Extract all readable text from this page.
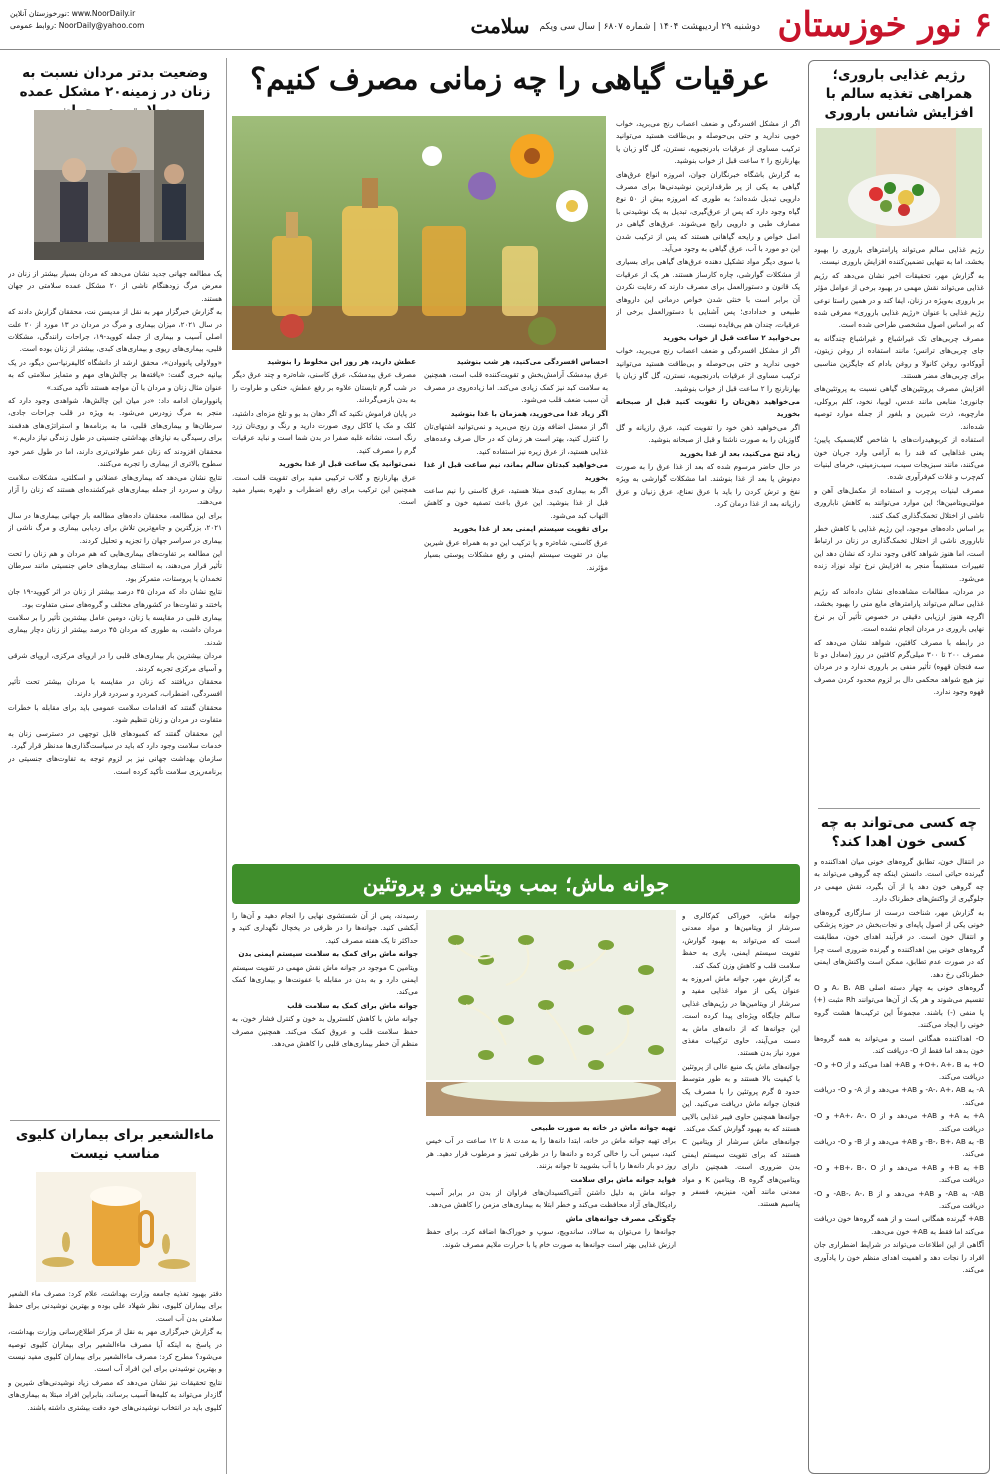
۶ نور خوزستان
دوشنبه ۲۹ اردیبهشت ۱۴۰۴ | شماره ۶۸۰۷ | سال سی ویکم
سلامت
نورخوزستان آنلاین: www.NoorDaily.ir
روابط عمومی: NoorDaily@yahoo.com
رژیم غذایی باروری؛ همراهی تغذیه سالم با افزایش شانس باروری

رژیم غذایی سالم می‌تواند پارامترهای باروری را بهبود بخشد، اما به تنهایی تضمین‌کننده افزایش باروری نیست.

به گزارش مهر، تحقیقات اخیر نشان می‌دهد که رژیم غذایی می‌تواند نقش مهمی در بهبود برخی از عوامل مؤثر بر باروری به‌ویژه در زنان، ایفا کند و در همین راستا نوعی رژیم غذایی با عنوان «رژیم غذایی باروری» معرفی شده که بر اساس اصول مشخصی طراحی شده است.

مصرف چربی‌های تک غیراشباع و غیراشباع چندگانه به جای چربی‌های ترانس؛ مانند استفاده از روغن زیتون، آووکادو، روغن کانولا و روغن بادام که جایگزین مناسبی برای چربی‌های مضر هستند.

افزایش مصرف پروتئین‌های گیاهی نسبت به پروتئین‌های جانوری؛ منابعی مانند عدس، لوبیا، نخود، کلم بروکلی، مارچوبه، ذرت شیرین و بلغور از جمله موارد توصیه شده‌اند.

استفاده از کربوهیدرات‌های با شاخص گلایسمیک پایین؛ یعنی غذاهایی که قند را به آرامی وارد جریان خون می‌کنند، مانند سبزیجات سیب، سیب‌زمینی، خرمای لبنیات کم‌چرب و غلات کم‌فرآوری شده.

مصرف لبنیات پرچرب و استفاده از مکمل‌های آهن و مولتی‌ویتامین‌ها؛ این موارد می‌توانند به کاهش ناباروری ناشی از اختلال تخمک‌گذاری کمک کنند.

بر اساس داده‌های موجود، این رژیم غذایی با کاهش خطر ناباروری ناشی از اختلال تخمک‌گذاری در زنان در ارتباط است، اما هنوز شواهد کافی وجود ندارد که نشان دهد این تغییرات مستقیماً منجر به افزایش نرخ تولد نوزاد زنده می‌شود.

در مردان، مطالعات مشاهده‌ای نشان داده‌اند که رژیم غذایی سالم می‌تواند پارامترهای مایع منی را بهبود بخشد، اگرچه هنوز ارزیابی دقیقی در خصوص تأثیر آن بر نرخ نهایی باروری در مردان انجام نشده است.

در رابطه با مصرف کافئین، شواهد نشان می‌دهد که مصرف ۲۰۰ تا ۳۰۰ میلی‌گرم کافئین در روز (معادل دو تا سه فنجان قهوه) تأثیر منفی بر باروری ندارد و در مردان نیز هیچ شواهد محکمی دال بر لزوم محدود کردن مصرف قهوه وجود ندارد.

چه کسی می‌تواند به چه کسی خون اهدا کند؟

در انتقال خون، تطابق گروه‌های خونی میان اهداکننده و گیرنده حیاتی است. دانستن اینکه چه گروهی می‌تواند به چه گروهی خون دهد یا از آن بگیرد، نقش مهمی در جلوگیری از واکنش‌های خطرناک دارد.

به گزارش مهر، شناخت درست از سازگاری گروه‌های خونی یکی از اصول پایه‌ای و نجات‌بخش در حوزه پزشکی و انتقال خون است. در فرآیند اهدای خون، مطابقت گروه‌های خونی بین اهداکننده و گیرنده ضروری است چرا که در صورت عدم تطابق، ممکن است واکنش‌های ایمنی خطرناکی رخ دهد.

گروه‌های خونی به چهار دسته اصلی A، B، AB و O تقسیم می‌شوند و هر یک از آن‌ها می‌توانند Rh مثبت (+) یا منفی (-) باشند. مجموعاً این ترکیب‌ها هشت گروه خونی را ایجاد می‌کنند.

O- اهداکننده همگانی است و می‌تواند به همه گروه‌ها خون بدهد اما فقط از O- دریافت کند.

O+ به O+، A+، B+ و AB+ اهدا می‌کند و از O+ و O- دریافت می‌کند.

A- به A-، A+، AB- و AB+ می‌دهد و از A- و O- دریافت می‌کند.

A+ به A+ و AB+ می‌دهد و از A+، A-، O+ و O- دریافت می‌کند.

B- به B-، B+، AB- و AB+ می‌دهد و از B- و O- دریافت می‌کند.

B+ به B+ و AB+ می‌دهد و از B+، B-، O+ و O- دریافت می‌کند.

AB- به AB- و AB+ می‌دهد و از AB-، A-، B- و O- دریافت می‌کند.

AB+ گیرنده همگانی است و از همه گروه‌ها خون دریافت می‌کند اما فقط به AB+ خون می‌دهد.

آگاهی از این اطلاعات می‌تواند در شرایط اضطراری جان افراد را نجات دهد و اهمیت اهدای منظم خون را یادآوری می‌کند.

عرقیات گیاهی را چه زمانی مصرف کنیم؟

اگر از مشکل افسردگی و ضعف اعصاب رنج می‌برید، خواب خوبی ندارید و حتی بی‌حوصله و بی‌طاقت هستید می‌توانید ترکیب مساوی از عرقیات بادرنجبویه، نسترن، گل گاو زبان یا بهارنارنج را ۲ ساعت قبل از خواب بنوشید.

به گزارش باشگاه خبرنگاران جوان، امروزه انواع عرق‌های گیاهی به یکی از پر طرفدارترین نوشیدنی‌ها برای مصرف دارویی تبدیل شده‌اند؛ به طوری که امروزه بیش از ۵۰ نوع گیاه وجود دارد که پس از عرق‌گیری، تبدیل به یک نوشیدنی با مصارف طبی و دارویی رایج می‌شوند. عرق‌های گیاهی در اصل خواص و رایحه گیاهانی هستند که پس از ترکیب شدن این دو مورد با آب، عرق گیاهی به وجود می‌آید.

با سوی دیگر مواد تشکیل دهنده عرق‌های گیاهی برای بسیاری از مشکلات گوارشی، چاره کارساز هستند. هر یک از عرقیات یک قانون و دستورالعمل برای مصرف دارند که رعایت نکردن آن برابر است با خنثی شدن خواص درمانی این داروهای طبیعی و خدادادی؛ پس آشنایی با دستورالعمل برخی از عرقیات، چندان هم بی‌فایده نیست.

بی‌خوابید ۲ ساعت قبل از خواب بخورید

اگر از مشکل افسردگی و ضعف اعصاب رنج می‌برید، خواب خوبی ندارید و حتی بی‌حوصله و بی‌طاقت هستید می‌توانید ترکیب مساوی از عرقیات بادرنجبویه، نسترن، گل گاو زبان یا بهارنارنج را ۲ ساعت قبل از خواب بنوشید.

می‌خواهید ذهن‌تان را تقویت کنید قبل از صبحانه بخورید

اگر می‌خواهید ذهن خود را تقویت کنید، عرق رازیانه و گل گاوزبان را به صورت ناشتا و قبل از صبحانه بنوشید.

زیاد تنخ می‌کنید، بعد از غذا بخورید

در حال حاضر مرسوم شده که بعد از غذا عرق را به صورت دم‌نوش یا بعد از غذا بنوشند. اما مشکلات گوارشی به ویژه نفخ و ترش کردن را باید با عرق نعناع، عرق زنیان و عرق رازیانه بعد از غذا درمان کرد.

احساس افسردگی می‌کنید، هر شب بنوشید

عرق بیدمشک آرامش‌بخش و تقویت‌کننده قلب است، همچنین به سلامت کبد نیز کمک زیادی می‌کند. اما زیاده‌روی در مصرف آن سبب ضعف قلب می‌شود.

اگر زیاد غذا می‌خورید، همزمان با غذا بنوشید

اگر از معضل اضافه وزن رنج می‌برید و نمی‌توانید اشتهای‌تان را کنترل کنید، بهتر است هر زمان که در حال صرف وعده‌های غذایی هستید، از عرق زیره نیز استفاده کنید.

می‌خواهید کبدتان سالم بماند، نیم ساعت قبل از غذا بخورید

اگر به بیماری کبدی مبتلا هستید، عرق کاسنی را نیم ساعت قبل از غذا بنوشید. این عرق باعث تصفیه خون و کاهش التهاب کبد می‌شود.

برای تقویت سیستم ایمنی بعد از غذا بخورید

عرق کاسنی، شاه‌تره و یا ترکیب این دو به همراه عرق شیرین بیان در تقویت سیستم ایمنی و رفع مشکلات پوستی بسیار مؤثرند.

عطش دارید، هر روز این مخلوط را بنوشید

مصرف عرق بیدمشک، عرق کاسنی، شاه‌تره و چند عرق دیگر در شب گرم تابستان علاوه بر رفع عطش، خنکی و طراوت را به بدن بازمی‌گرداند.

در پایان فراموش نکنید که اگر دهان بد بو و تلخ مزه‌ای داشتید، کلک و مک یا کاکل روی صورت دارید و رنگ و روی‌تان زرد رنگ است، نشانه غلبه صفرا در بدن شما است و نباید عرقیات گرم را مصرف کنید.

نمی‌توانید یک ساعت قبل از غذا بخورید

عرق بهارنارنج و گلاب ترکیبی مفید برای تقویت قلب است. همچنین این ترکیب برای رفع اضطراب و دلهره بسیار مفید است.

جوانه ماش؛ بمب ویتامین و پروتئین

جوانه ماش، خوراکی کم‌کالری و سرشار از ویتامین‌ها و مواد معدنی است که می‌تواند به بهبود گوارش، تقویت سیستم ایمنی، یاری به حفظ سلامت قلب و کاهش وزن کمک کند.

به گزارش مهر، جوانه ماش امروزه به عنوان یکی از مواد غذایی مفید و سرشار از ویتامین‌ها در رژیم‌های غذایی سالم جایگاه ویژه‌ای پیدا کرده است. این جوانه‌ها که از دانه‌های ماش به دست می‌آیند، حاوی ترکیبات مغذی مورد نیاز بدن هستند.

جوانه‌های ماش یک منبع عالی از پروتئین با کیفیت بالا هستند و به طور متوسط حدود ۵ گرم پروتئین را با مصرف یک فنجان جوانه ماش دریافت می‌کنید. این جوانه‌ها همچنین حاوی فیبر غذایی بالایی هستند که به بهبود گوارش کمک می‌کند.

جوانه‌های ماش سرشار از ویتامین C هستند که برای تقویت سیستم ایمنی بدن ضروری است. همچنین دارای ویتامین‌های گروه B، ویتامین K و مواد معدنی مانند آهن، منیزیم، فسفر و پتاسیم هستند.

تهیه جوانه ماش در خانه به صورت طبیعی

برای تهیه جوانه ماش در خانه، ابتدا دانه‌ها را به مدت ۸ تا ۱۲ ساعت در آب خیس کنید، سپس آب را خالی کرده و دانه‌ها را در ظرفی تمیز و مرطوب قرار دهید. هر روز دو بار دانه‌ها را با آب بشویید تا جوانه بزنند.

فواید جوانه ماش برای سلامت

جوانه ماش به دلیل داشتن آنتی‌اکسیدان‌های فراوان از بدن در برابر آسیب رادیکال‌های آزاد محافظت می‌کند و خطر ابتلا به بیماری‌های مزمن را کاهش می‌دهد.

چگونگی مصرف جوانه‌های ماش

جوانه‌ها را می‌توان به سالاد، ساندویچ، سوپ و خوراک‌ها اضافه کرد. برای حفظ ارزش غذایی بهتر است جوانه‌ها به صورت خام یا با حرارت ملایم مصرف شوند.

رسیدند، پس از آن شستشوی نهایی را انجام دهید و آن‌ها را آبکشی کنید. جوانه‌ها را در ظرفی در یخچال نگهداری کنید و حداکثر تا یک هفته مصرف کنید.

جوانه ماش برای کمک به سلامت سیستم ایمنی بدن

ویتامین C موجود در جوانه ماش نقش مهمی در تقویت سیستم ایمنی دارد و به بدن در مقابله با عفونت‌ها و بیماری‌ها کمک می‌کند.

جوانه ماش برای کمک به سلامت قلب

جوانه ماش با کاهش کلسترول بد خون و کنترل فشار خون، به حفظ سلامت قلب و عروق کمک می‌کند. همچنین مصرف منظم آن خطر بیماری‌های قلبی را کاهش می‌دهد.

وضعیت بدتر مردان نسبت به زنان در زمینه۲۰ مشکل عمده

یک مطالعه جهانی جدید نشان می‌دهد که مردان بسیار بیشتر از زنان در معرض مرگ زودهنگام ناشی از ۲۰ مشکل عمده سلامتی در جهان هستند.

به گزارش خبرگزار مهر به نقل از مدیسن نت، محققان گزارش دادند که در سال ۲۰۲۱، میزان بیماری و مرگ در مردان در ۱۳ مورد از ۲۰ علت اصلی آسیب و بیماری از جمله کووید-۱۹، جراحات رانندگی، مشکلات قلبی، بیماری‌های ریوی و بیماری‌های کبدی، بیشتر از زنان بوده است.

«وولاولی پانووادن»، محقق ارشد از دانشگاه کالیفرنیا-سن دیگو، در یک بیانیه خبری گفت: «یافته‌ها بر چالش‌های مهم و متمایز سلامتی که به عنوان مثال زنان و مردان با آن مواجه هستند تأکید می‌کند.»

پانووارمان ادامه داد: «در میان این چالش‌ها، شواهدی وجود دارد که منجر به مرگ زودرس می‌شود. به ویژه در قلب جراحات جادی، سرطان‌ها و بیماری‌های قلبی، ما به برنامه‌ها و استراتژی‌های هدفمند برای رسیدگی به نیازهای بهداشتی جنسیتی در طول زندگی نیاز داریم.»

محققان افزودند که زنان عمر طولانی‌تری دارند، اما در طول عمر خود سطوح بالاتری از بیماری را تجربه می‌کنند.

نتایج نشان می‌دهد که بیماری‌های عضلانی و اسکلتی، مشکلات سلامت روان و سردرد از جمله بیماری‌های غیرکشنده‌ای هستند که زنان را آزار می‌دهند.

برای این مطالعه، محققان داده‌های مطالعه بار جهانی بیماری‌ها در سال ۲۰۲۱، بزرگترین و جامع‌ترین تلاش برای ردیابی بیماری و مرگ ناشی از بیماری در سراسر جهان را تجزیه و تحلیل کردند.

این مطالعه بر تفاوت‌های بیماری‌هایی که هم مردان و هم زنان را تحت تأثیر قرار می‌دهند، به استثنای بیماری‌های خاص جنسیتی مانند سرطان تخمدان یا پروستات، متمرکز بود.

نتایج نشان داد که مردان ۴۵ درصد بیشتر از زنان در اثر کووید-۱۹ جان باختند و تفاوت‌ها در کشورهای مختلف و گروه‌های سنی متفاوت بود.

بیماری قلبی در مقایسه با زنان، دومین عامل بیشترین تأثیر را بر سلامت مردان داشت، به طوری که مردان ۴۵ درصد بیشتر از زنان دچار بیماری شدند.

مردان بیشترین بار بیماری‌های قلبی را در اروپای مرکزی، اروپای شرقی و آسیای مرکزی تجربه کردند.

محققان دریافتند که زنان در مقایسه با مردان بیشتر تحت تأثیر افسردگی، اضطراب، کمردرد و سردرد قرار دارند.

محققان گفتند که اقدامات سلامت عمومی باید برای مقابله با خطرات متفاوت در مردان و زنان تنظیم شود.

این محققان گفتند که کمبودهای قابل توجهی در دسترسی زنان به خدمات سلامت وجود دارد که باید در سیاست‌گذاری‌ها مدنظر قرار گیرد.

سازمان بهداشت جهانی نیز بر لزوم توجه به تفاوت‌های جنسیتی در برنامه‌ریزی سلامت تأکید کرده است.

ماءالشعیر برای بیماران کلیوی مناسب نیست

دفتر بهبود تغذیه جامعه وزارت بهداشت، علام کرد: مصرف ماء الشعیر برای بیماران کلیوی، نظر شهلاد علی بوده و بهترین نوشیدنی برای حفظ سلامتی بدن آب است.

به گزارش خبرگزاری مهر به نقل از مرکز اطلاع‌رسانی وزارت بهداشت، در پاسخ به اینکه آیا مصرف ماءالشعیر برای بیماران کلیوی توصیه می‌شود؟ مطرح کرد: مصرف ماءالشعیر برای بیماران کلیوی مفید نیست و بهترین نوشیدنی برای این افراد آب است.

نتایج تحقیقات نیز نشان می‌دهد که مصرف زیاد نوشیدنی‌های شیرین و گازدار می‌تواند به کلیه‌ها آسیب برساند، بنابراین افراد مبتلا به بیماری‌های کلیوی باید در انتخاب نوشیدنی‌های خود دقت بیشتری داشته باشند.
